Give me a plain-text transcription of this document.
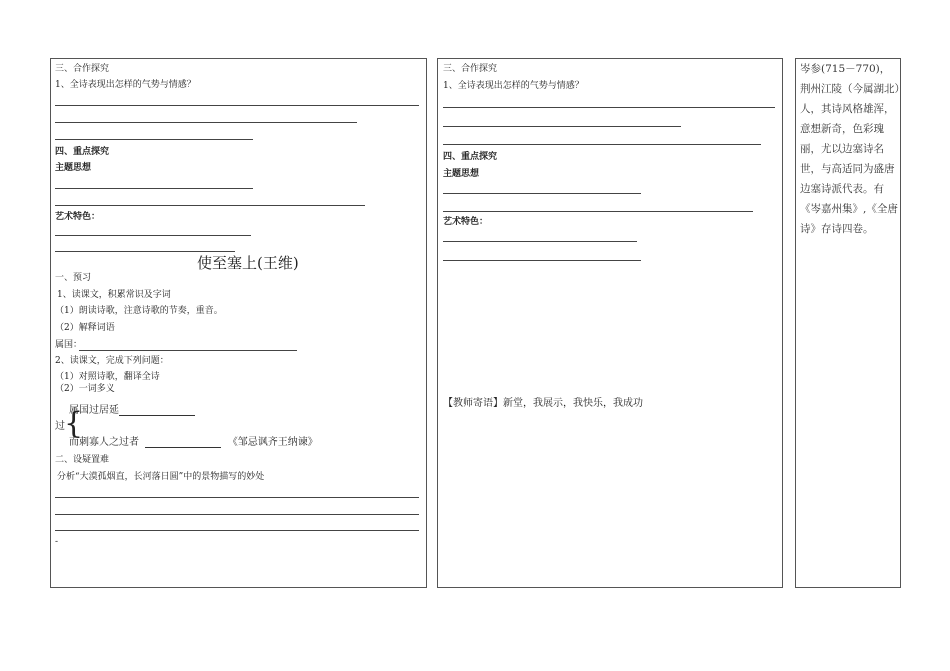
三、合作探究
1、全诗表现出怎样的气势与情感？
四、重点探究
主题思想
艺术特色：
使至塞上(王维)
一、预习
1、读课文，积累常识及字词
（1）朗读诗歌，注意诗歌的节奏，重音。
（2）解释词语
属国：
2、读课文，完成下列问题：
（1）对照诗歌，翻译全诗
（2）一词多义
属国过居延
{
过
而刺寡人之过者	《邹忌讽齐王纳谏》
二、设疑置难
分析“大漠孤烟直，长河落日圆”中的景物描写的妙处
-
三、合作探究
1、全诗表现出怎样的气势与情感？
四、重点探究
主题思想
艺术特色：
【教师寄语】新堂，我展示，我快乐，我成功
岑参(715－770)，荆州江陵（今属湖北）人，其诗风格雄浑，意想新奇，色彩瑰丽，尤以边塞诗名世，与高适同为盛唐边塞诗派代表。有《岑嘉州集》,《全唐诗》存诗四卷。
